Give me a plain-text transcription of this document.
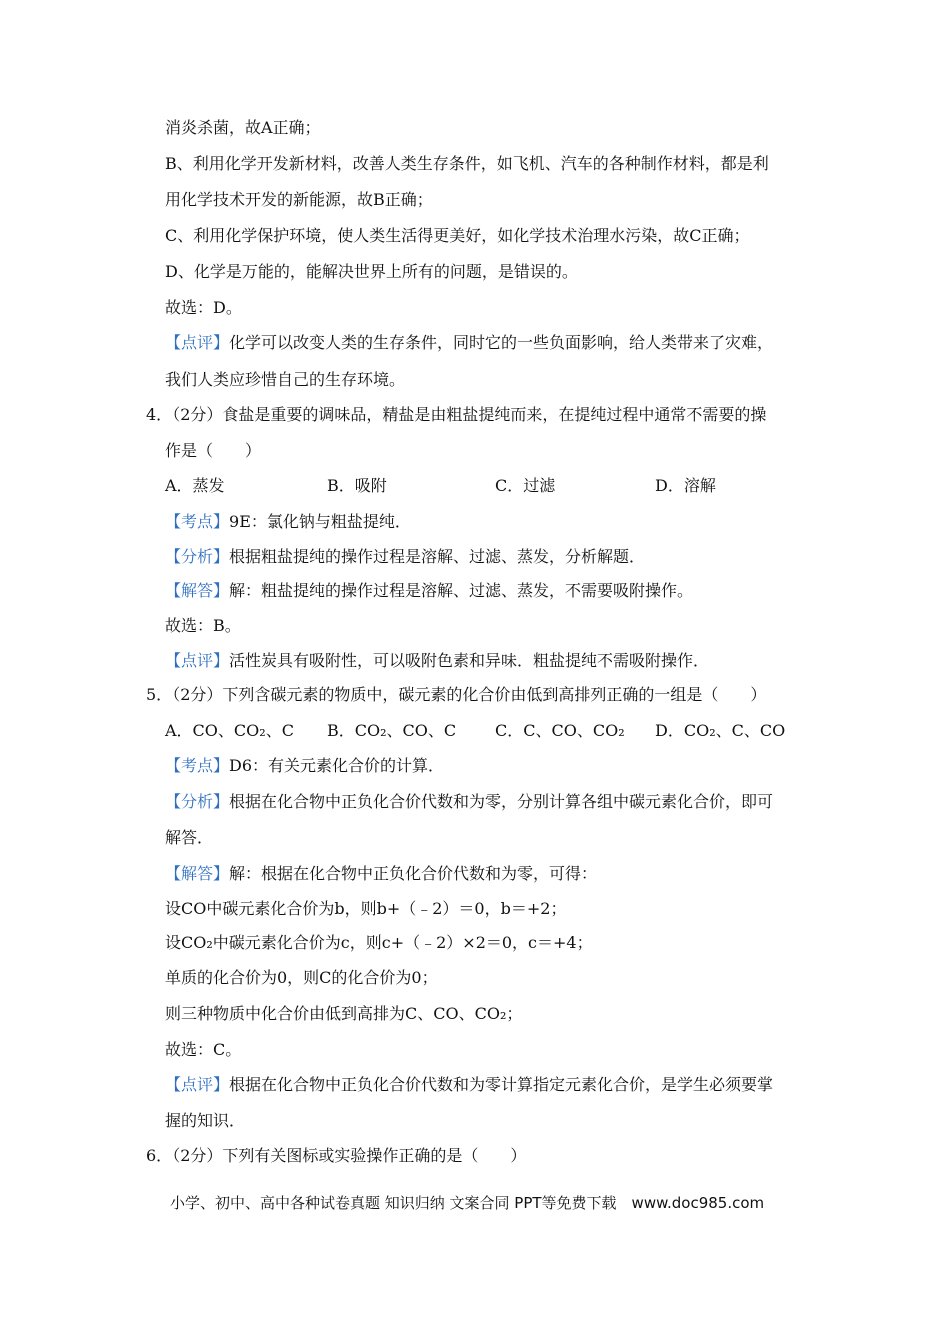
消炎杀菌，故A正确；
B、利用化学开发新材料，改善人类生存条件，如飞机、汽车的各种制作材料，都是利
用化学技术开发的新能源，故B正确；
C、利用化学保护环境，使人类生活得更美好，如化学技术治理水污染，故C正确；
D、化学是万能的，能解决世界上所有的问题，是错误的。
故选：D。
【点评】化学可以改变人类的生存条件，同时它的一些负面影响，给人类带来了灾难，
我们人类应珍惜自己的生存环境。
4．（2分）食盐是重要的调味品，精盐是由粗盐提纯而来，在提纯过程中通常不需要的操
作是（　　）
A．蒸发	B．吸附	C．过滤	D．溶解
【考点】9E：氯化钠与粗盐提纯．
【分析】根据粗盐提纯的操作过程是溶解、过滤、蒸发，分析解题．
【解答】解：粗盐提纯的操作过程是溶解、过滤、蒸发，不需要吸附操作。
故选：B。
【点评】活性炭具有吸附性，可以吸附色素和异味．粗盐提纯不需吸附操作．
5．（2分）下列含碳元素的物质中，碳元素的化合价由低到高排列正确的一组是（　　）
A．CO、CO₂、C B．CO₂、CO、C C．C、CO、CO₂ D．CO₂、C、CO
【考点】D6：有关元素化合价的计算．
【分析】根据在化合物中正负化合价代数和为零，分别计算各组中碳元素化合价，即可
解答．
【解答】解：根据在化合物中正负化合价代数和为零，可得：
设CO中碳元素化合价为b，则b+（﹣2）＝0，b＝+2；
设CO₂中碳元素化合价为c，则c+（﹣2）×2＝0，c＝+4；
单质的化合价为0，则C的化合价为0；
则三种物质中化合价由低到高排为C、CO、CO₂；
故选：C。
【点评】根据在化合物中正负化合价代数和为零计算指定元素化合价，是学生必须要掌
握的知识．
6．（2分）下列有关图标或实验操作正确的是（　　）
小学、初中、高中各种试卷真题 知识归纳 文案合同 PPT等免费下载　www.doc985.com
